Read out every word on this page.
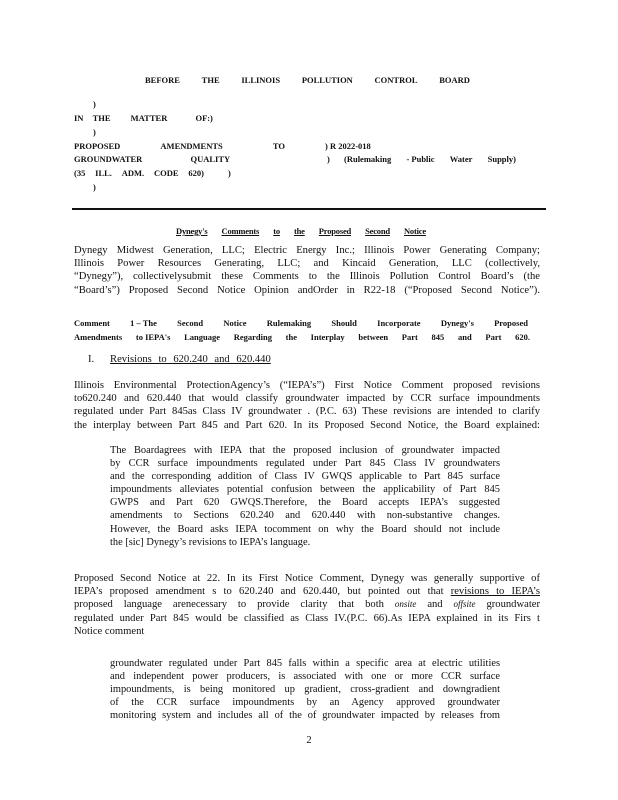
BEFORE	THE	ILLINOIS	POLLUTION	CONTROL	BOARD
)
IN THE MATTER	OF: )
)
PROPOSED	AMENDMENTS	TO	) R 2022-018
GROUNDWATER	QUALITY	) (Rulemaking - Public Water Supply)
(35 ILL. ADM. CODE 620)	)
)
Dynegy's Comments to the Proposed Second Notice
Dynegy Midwest Generation, LLC; Electric Energy Inc.; Illinois Power Generating Company;
Illinois Power Resources Generating, LLC; and Kincaid Generation, LLC (collectively,
“Dynegy”), collectivelysubmit these Comments to the Illinois Pollution Control Board’s (the
“Board’s”) Proposed Second Notice Opinion andOrder in R22-18 (“Proposed Second Notice”).
Comment 1 – The Second Notice Rulemaking Should Incorporate Dynegy's Proposed
Amendments to IEPA's Language Regarding the Interplay between Part 845 and Part 620.
I. Revisions to 620.240 and 620.440
Illinois Environmental ProtectionAgency’s (“IEPA’s”) First Notice Comment proposed revisions
to620.240 and 620.440 that would classify groundwater impacted by CCR surface impoundments
regulated under Part 845as Class IV groundwater . (P.C. 63) These revisions are intended to clarify
the interplay between Part 845 and Part 620. In its Proposed Second Notice, the Board explained:
The Boardagrees with IEPA that the proposed inclusion of groundwater impacted
by CCR surface impoundments regulated under Part 845 Class IV groundwaters
and the corresponding addition of Class IV GWQS applicable to Part 845 surface
impoundments alleviates potential confusion between the applicability of Part 845
GWPS and Part 620 GWQS.Therefore, the Board accepts IEPA’s suggested
amendments to Sections 620.240 and 620.440 with non-substantive changes.
However, the Board asks IEPA tocomment on why the Board should not include
the [sic] Dynegy’s revisions to IEPA’s language.
Proposed Second Notice at 22. In its First Notice Comment, Dynegy was generally supportive of
IEPA’s proposed amendment s to 620.240 and 620.440, but pointed out that revisions to IEPA’s
proposed language arenecessary to provide clarity that both onsite and offsite groundwater
regulated under Part 845 would be classified as Class IV.(P.C. 66).As IEPA explained in its Firs t
Notice comment
groundwater regulated under Part 845 falls within a specific area at electric utilities
and independent power producers, is associated with one or more CCR surface
impoundments, is being monitored up gradient, cross-gradient and downgradient
of the CCR surface impoundments by an Agency approved groundwater
monitoring system and includes all of the of groundwater impacted by releases from
2
